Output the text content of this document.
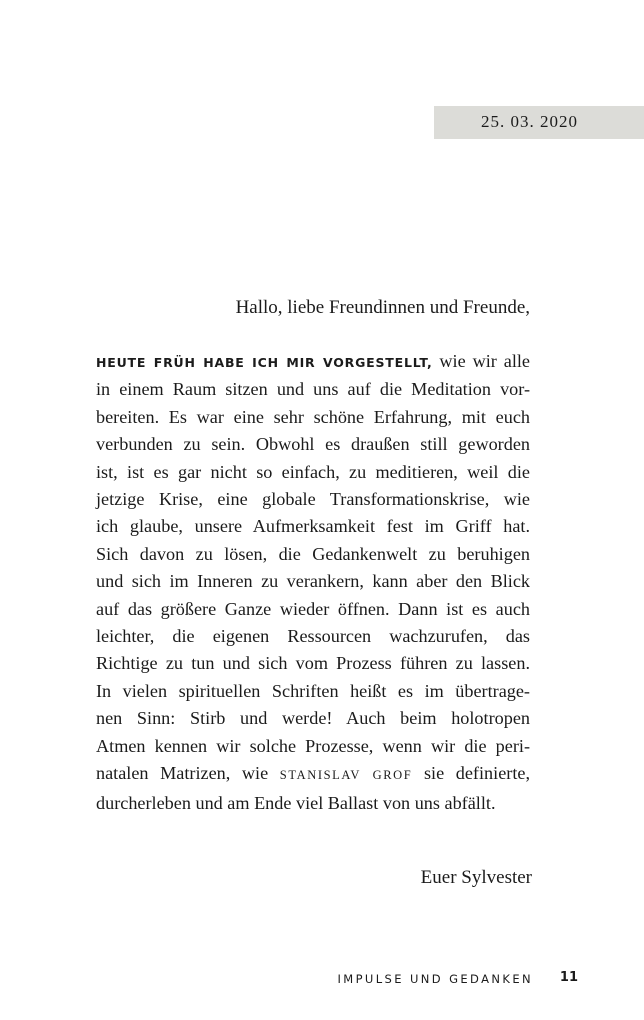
25. 03. 2020
Hallo, liebe Freundinnen und Freunde,
HEUTE FRÜH HABE ICH MIR VORGESTELLT, wie wir alle
in einem Raum sitzen und uns auf die Meditation vor-
bereiten. Es war eine sehr schöne Erfahrung, mit euch
verbunden zu sein. Obwohl es draußen still geworden
ist, ist es gar nicht so einfach, zu meditieren, weil die
jetzige Krise, eine globale Transformationskrise, wie
ich glaube, unsere Aufmerksamkeit fest im Griff hat.
Sich davon zu lösen, die Gedankenwelt zu beruhigen
und sich im Inneren zu verankern, kann aber den Blick
auf das größere Ganze wieder öffnen. Dann ist es auch
leichter, die eigenen Ressourcen wachzurufen, das
Richtige zu tun und sich vom Prozess führen zu lassen.
In vielen spirituellen Schriften heißt es im übertrage-
nen Sinn: Stirb und werde! Auch beim holotropen
Atmen kennen wir solche Prozesse, wenn wir die peri-
natalen Matrizen, wie STANISLAV GROF sie definierte,
durcherleben und am Ende viel Ballast von uns abfällt.
Euer Sylvester
IMPULSE UND GEDANKEN 11
